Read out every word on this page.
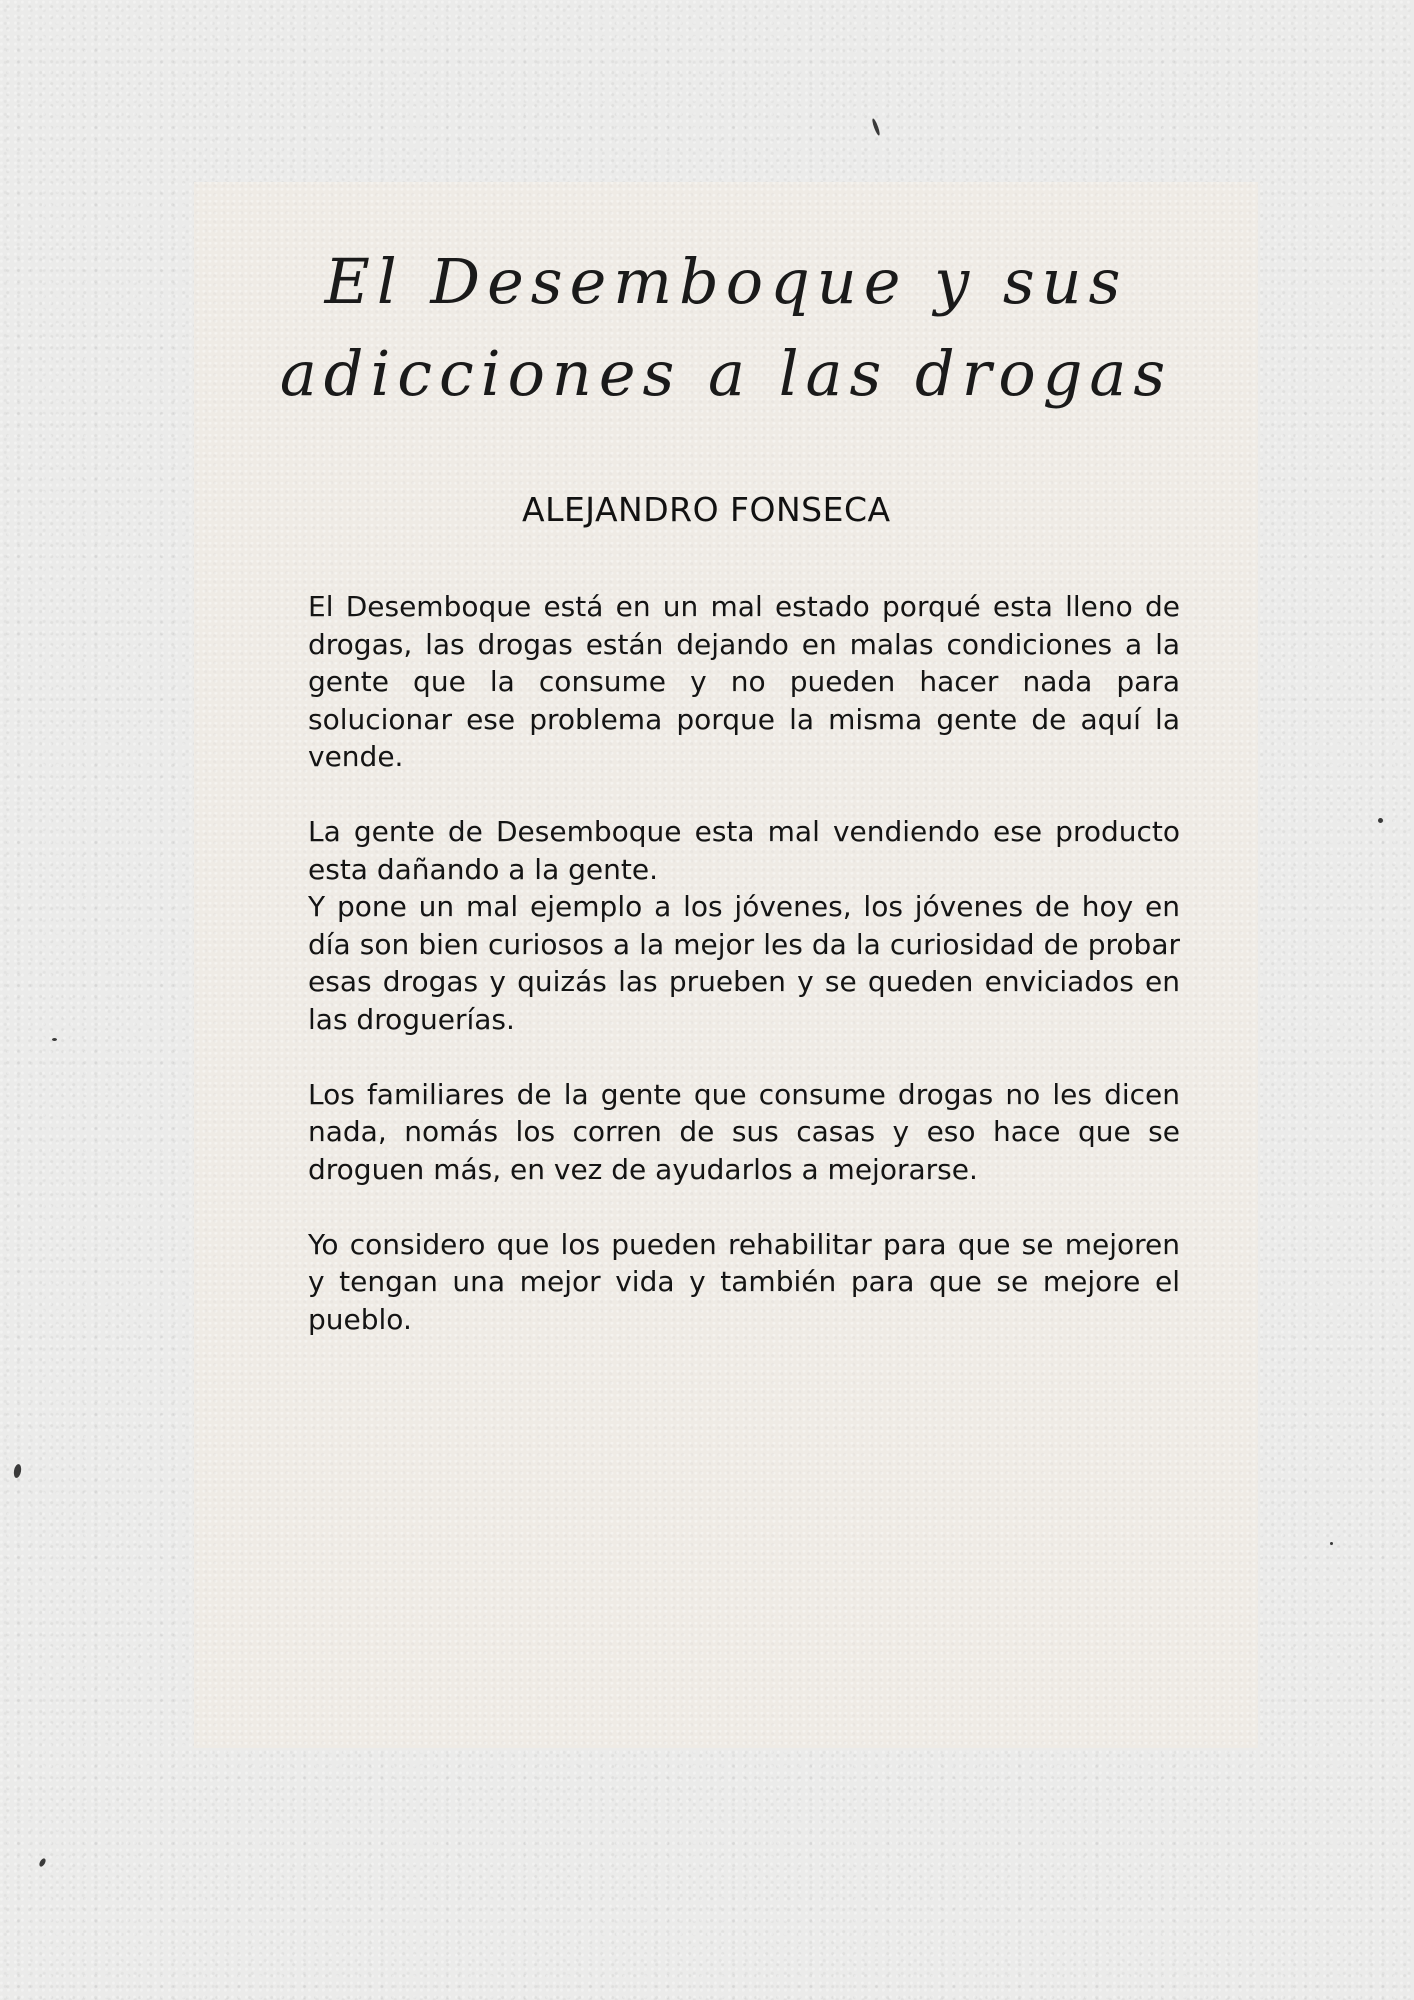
El Desemboque y sus
adicciones a las drogas
ALEJANDRO FONSECA

El Desemboque está en un mal estado porqué esta lleno de drogas, las drogas están dejando en malas condiciones a la gente que la consume y no pueden hacer nada para solucionar ese problema porque la misma gente de aquí la vende.

La gente de Desemboque esta mal vendiendo ese producto esta dañando a la gente.

Y pone un mal ejemplo a los jóvenes, los jóvenes de hoy en día son bien curiosos a la mejor les da la curiosidad de probar esas drogas y quizás las prueben y se queden enviciados en las droguerías.

Los familiares de la gente que consume drogas no les dicen nada, nomás los corren de sus casas y eso hace que se droguen más, en vez de ayudarlos a mejorarse.

Yo considero que los pueden rehabilitar para que se mejoren y tengan una mejor vida y también para que se mejore el pueblo.
